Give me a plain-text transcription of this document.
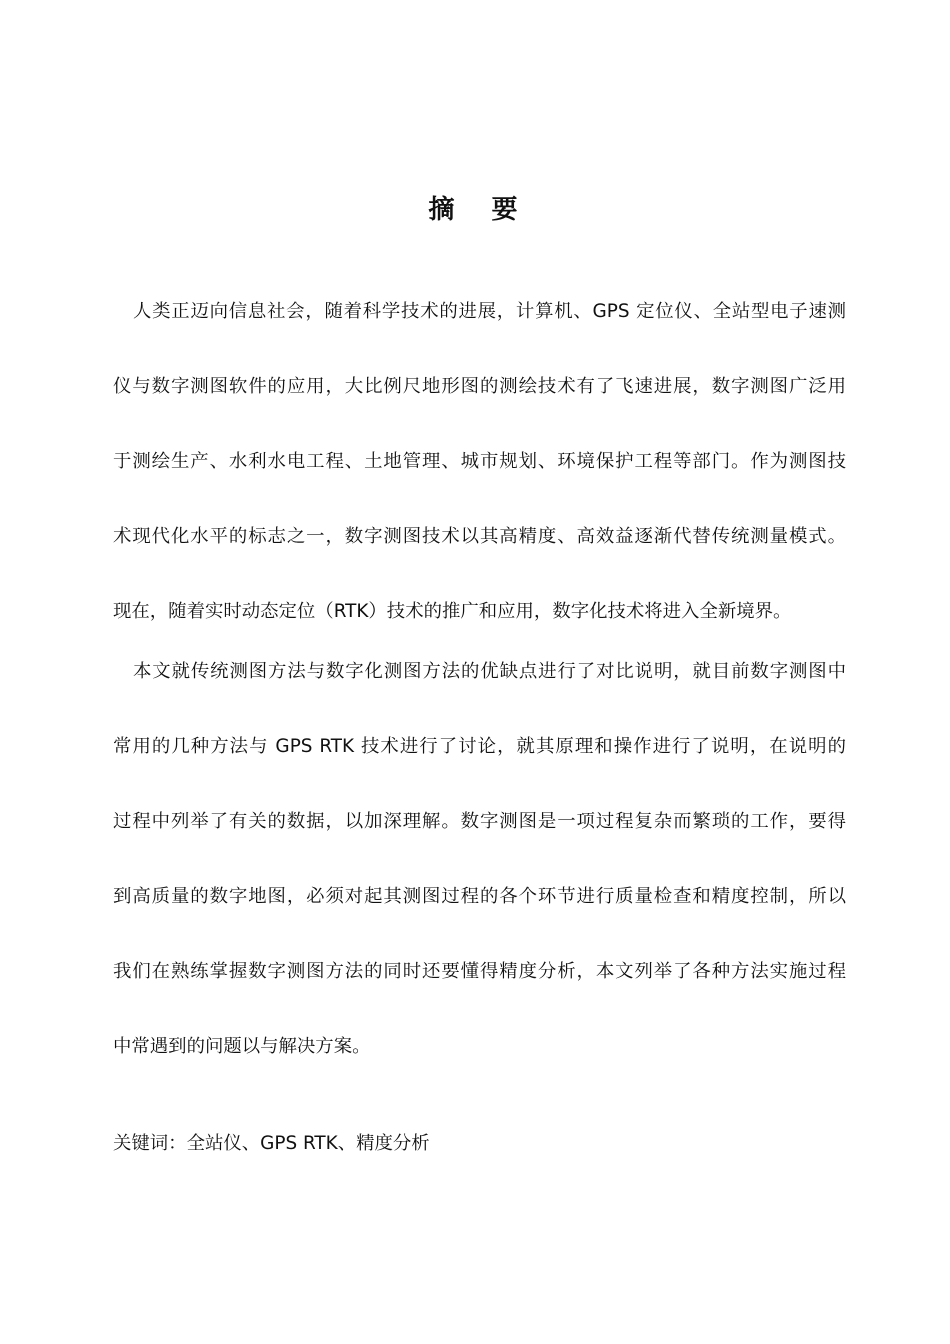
摘 要
人类正迈向信息社会，随着科学技术的进展，计算机、GPS 定位仪、全站型电子速测
仪与数字测图软件的应用，大比例尺地形图的测绘技术有了飞速进展，数字测图广泛用
于测绘生产、水利水电工程、土地管理、城市规划、环境保护工程等部门。作为测图技
术现代化水平的标志之一，数字测图技术以其高精度、高效益逐渐代替传统测量模式。
现在，随着实时动态定位（RTK）技术的推广和应用，数字化技术将进入全新境界。
本文就传统测图方法与数字化测图方法的优缺点进行了对比说明，就目前数字测图中
常用的几种方法与 GPS RTK 技术进行了讨论，就其原理和操作进行了说明，在说明的
过程中列举了有关的数据，以加深理解。数字测图是一项过程复杂而繁琐的工作，要得
到高质量的数字地图，必须对起其测图过程的各个环节进行质量检查和精度控制，所以
我们在熟练掌握数字测图方法的同时还要懂得精度分析，本文列举了各种方法实施过程
中常遇到的问题以与解决方案。
关键词：全站仪、GPS RTK、精度分析
